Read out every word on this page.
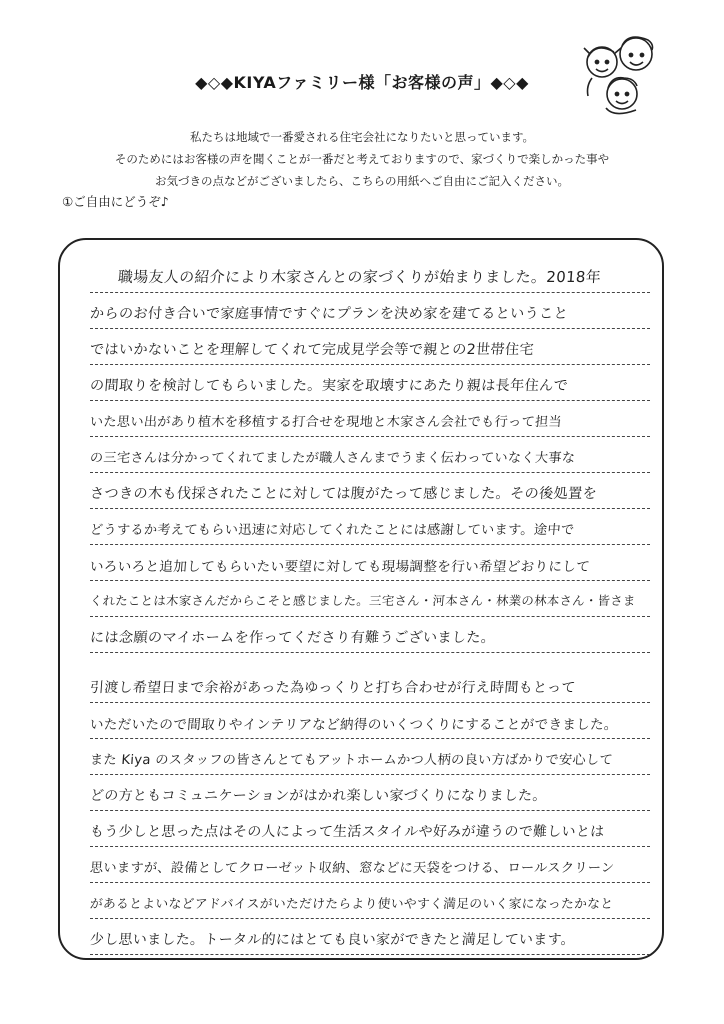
◆◇◆KIYAファミリー様「お客様の声」◆◇◆
私たちは地域で一番愛される住宅会社になりたいと思っています。
そのためにはお客様の声を聞くことが一番だと考えておりますので、家づくりで楽しかった事や
お気づきの点などがございましたら、こちらの用紙へご自由にご記入ください。
①ご自由にどうぞ♪
職場友人の紹介により木家さんとの家づくりが始まりました。2018年
からのお付き合いで家庭事情ですぐにプランを決め家を建てるということ
ではいかないことを理解してくれて完成見学会等で親との2世帯住宅
の間取りを検討してもらいました。実家を取壊すにあたり親は長年住んで
いた思い出があり植木を移植する打合せを現地と木家さん会社でも行って担当
の三宅さんは分かってくれてましたが職人さんまでうまく伝わっていなく大事な
さつきの木も伐採されたことに対しては腹がたって感じました。その後処置を
どうするか考えてもらい迅速に対応してくれたことには感謝しています。途中で
いろいろと追加してもらいたい要望に対しても現場調整を行い希望どおりにして
くれたことは木家さんだからこそと感じました。三宅さん・河本さん・林業の林本さん・皆さま
には念願のマイホームを作ってくださり有難うございました。
引渡し希望日まで余裕があった為ゆっくりと打ち合わせが行え時間もとって
いただいたので間取りやインテリアなど納得のいくつくりにすることができました。
また Kiya のスタッフの皆さんとてもアットホームかつ人柄の良い方ばかりで安心して
どの方ともコミュニケーションがはかれ楽しい家づくりになりました。
もう少しと思った点はその人によって生活スタイルや好みが違うので難しいとは
思いますが、設備としてクローゼット収納、窓などに天袋をつける、ロールスクリーン
があるとよいなどアドバイスがいただけたらより使いやすく満足のいく家になったかなと
少し思いました。トータル的にはとても良い家ができたと満足しています。
